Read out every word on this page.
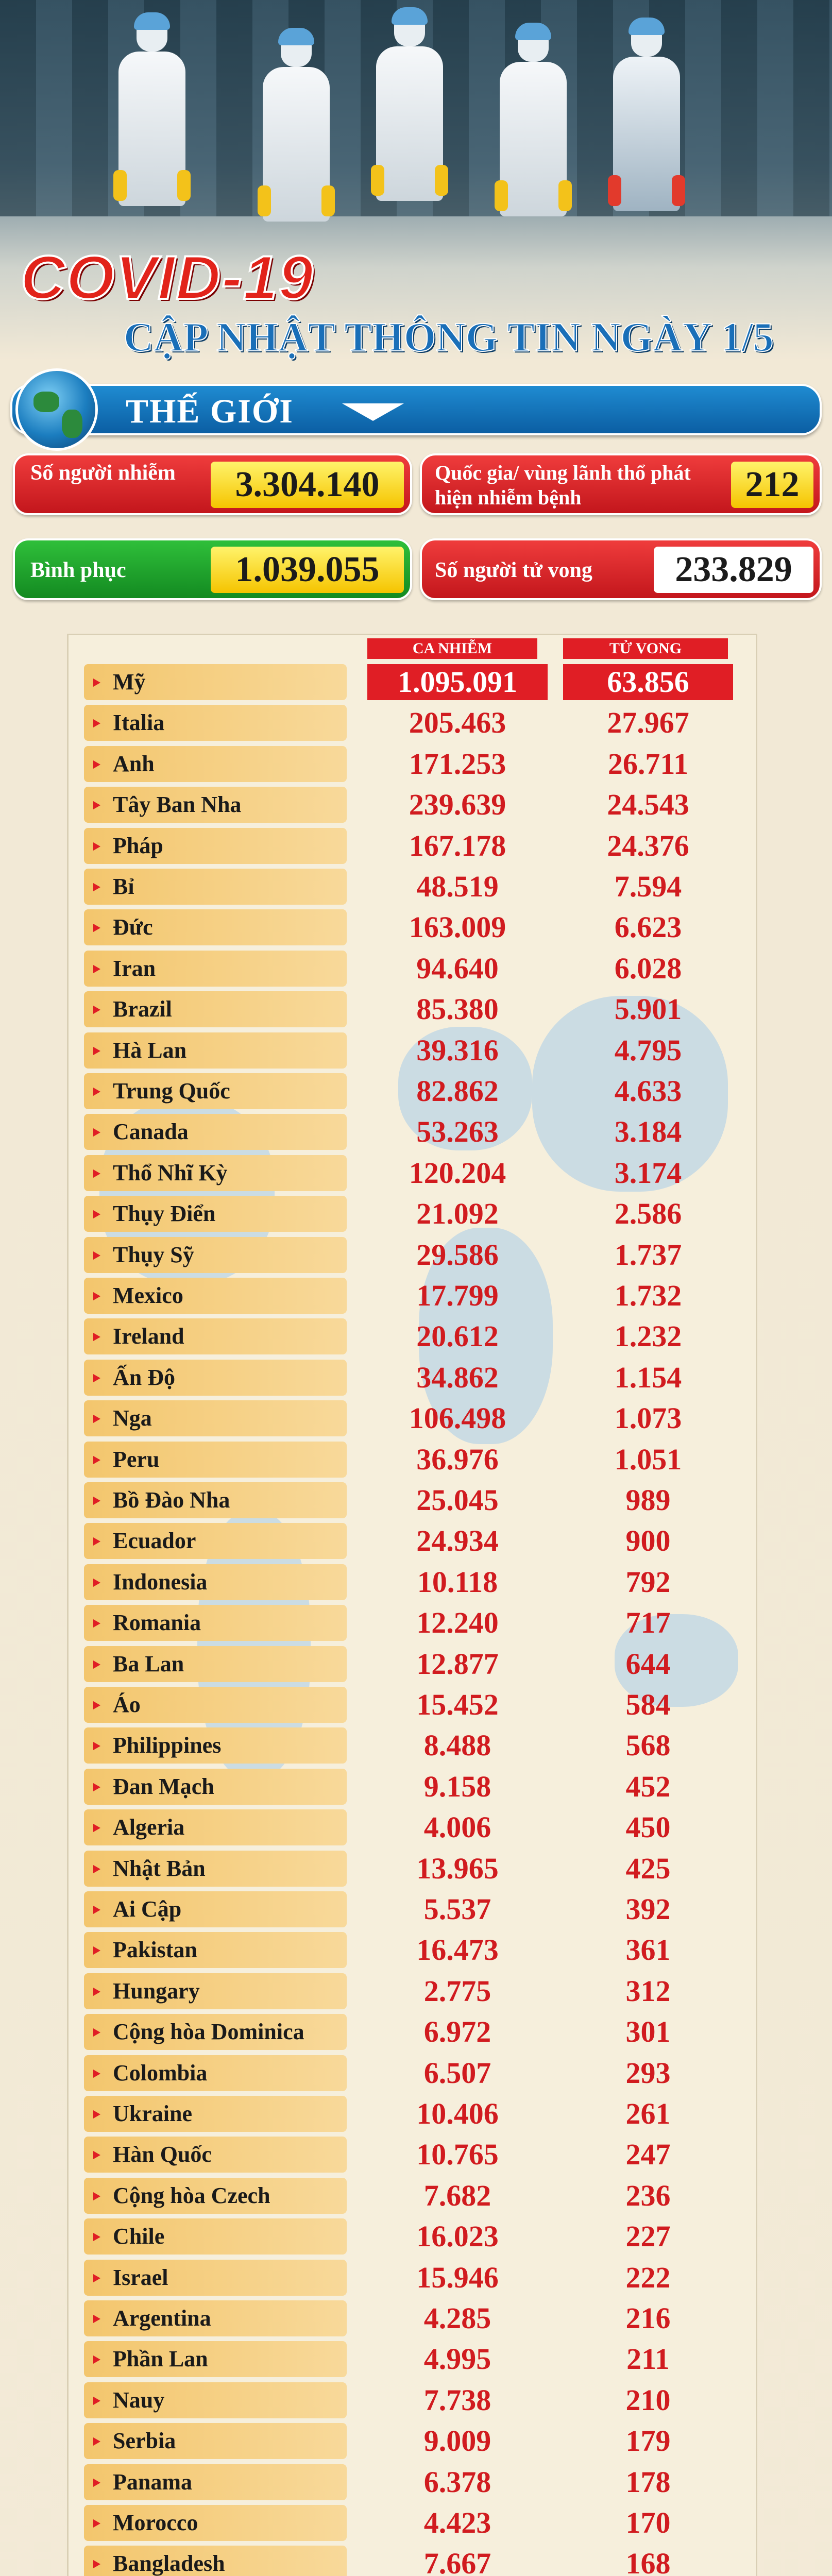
COVID-19
CẬP NHẬT THÔNG TIN NGÀY 1/5
THẾ GIỚI
Số người nhiễm	3.304.140	Quốc gia/ vùng lãnh thổ phát hiện nhiễm bệnh	212
Bình phục	1.039.055	Số người tử vong	233.829
CA NHIỄM	TỬ VONG
Mỹ	1.095.091	63.856
Italia	205.463	27.967
Anh	171.253	26.711
Tây Ban Nha	239.639	24.543
Pháp	167.178	24.376
Bỉ	48.519	7.594
Đức	163.009	6.623
Iran	94.640	6.028
Brazil	85.380	5.901
Hà Lan	39.316	4.795
Trung Quốc	82.862	4.633
Canada	53.263	3.184
Thổ Nhĩ Kỳ	120.204	3.174
Thụy Điển	21.092	2.586
Thụy Sỹ	29.586	1.737
Mexico	17.799	1.732
Ireland	20.612	1.232
Ấn Độ	34.862	1.154
Nga	106.498	1.073
Peru	36.976	1.051
Bồ Đào Nha	25.045	989
Ecuador	24.934	900
Indonesia	10.118	792
Romania	12.240	717
Ba Lan	12.877	644
Áo	15.452	584
Philippines	8.488	568
Đan Mạch	9.158	452
Algeria	4.006	450
Nhật Bản	13.965	425
Ai Cập	5.537	392
Pakistan	16.473	361
Hungary	2.775	312
Cộng hòa Dominica	6.972	301
Colombia	6.507	293
Ukraine	10.406	261
Hàn Quốc	10.765	247
Cộng hòa Czech	7.682	236
Chile	16.023	227
Israel	15.946	222
Argentina	4.285	216
Phần Lan	4.995	211
Nauy	7.738	210
Serbia	9.009	179
Panama	6.378	178
Morocco	4.423	170
Bangladesh	7.667	168
